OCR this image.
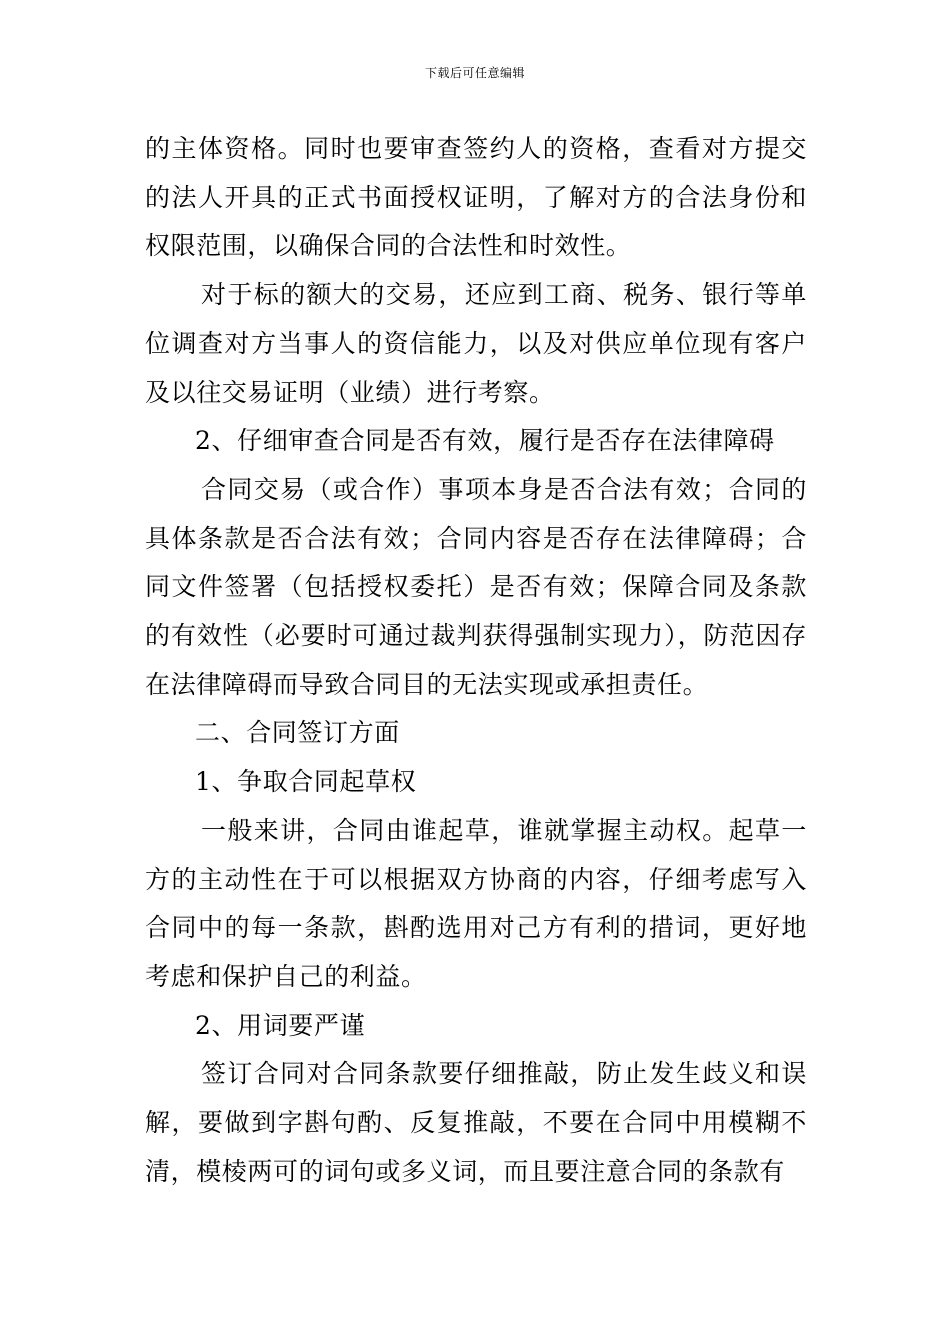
下载后可任意编辑

的主体资格。同时也要审查签约人的资格，查看对方提交的法人开具的正式书面授权证明，了解对方的合法身份和权限范围，以确保合同的合法性和时效性。

对于标的额大的交易，还应到工商、税务、银行等单位调查对方当事人的资信能力，以及对供应单位现有客户及以往交易证明（业绩）进行考察。

2、仔细审查合同是否有效，履行是否存在法律障碍

合同交易（或合作）事项本身是否合法有效；合同的具体条款是否合法有效；合同内容是否存在法律障碍；合同文件签署（包括授权委托）是否有效；保障合同及条款的有效性（必要时可通过裁判获得强制实现力），防范因存在法律障碍而导致合同目的无法实现或承担责任。

二、合同签订方面

1、争取合同起草权

一般来讲，合同由谁起草，谁就掌握主动权。起草一方的主动性在于可以根据双方协商的内容，仔细考虑写入合同中的每一条款，斟酌选用对己方有利的措词，更好地考虑和保护自己的利益。

2、用词要严谨

签订合同对合同条款要仔细推敲，防止发生歧义和误解，要做到字斟句酌、反复推敲，不要在合同中用模糊不清，模棱两可的词句或多义词，而且要注意合同的条款有
